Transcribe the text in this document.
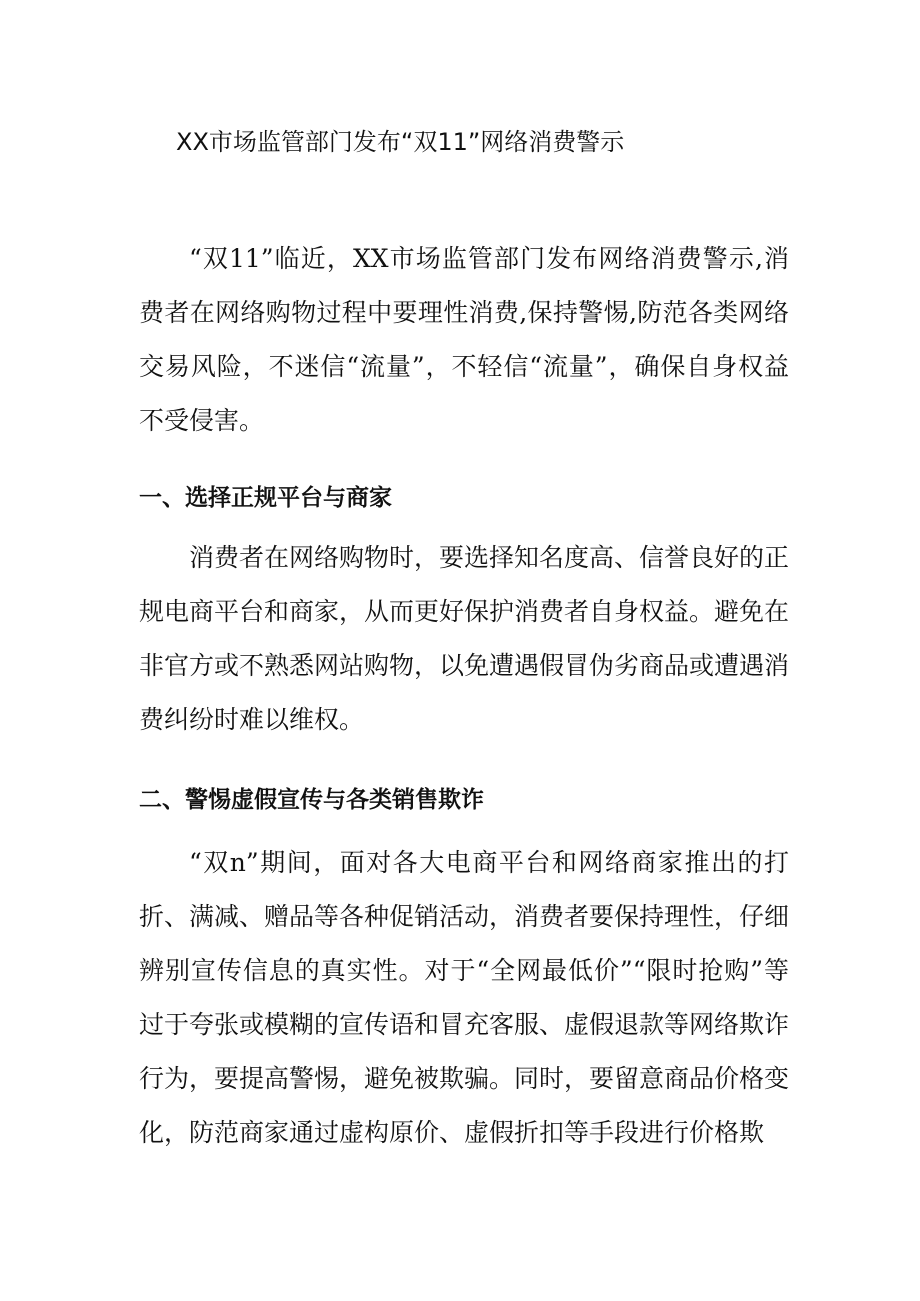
XX市场监管部门发布“双11”网络消费警示

“双11”临近，XX市场监管部门发布网络消费警示,消费者在网络购物过程中要理性消费,保持警惕,防范各类网络交易风险，不迷信“流量”，不轻信“流量”，确保自身权益不受侵害。

一、选择正规平台与商家

消费者在网络购物时，要选择知名度高、信誉良好的正规电商平台和商家，从而更好保护消费者自身权益。避免在非官方或不熟悉网站购物，以免遭遇假冒伪劣商品或遭遇消费纠纷时难以维权。

二、警惕虚假宣传与各类销售欺诈

“双n”期间，面对各大电商平台和网络商家推出的打折、满减、赠品等各种促销活动，消费者要保持理性，仔细辨别宣传信息的真实性。对于“全网最低价”“限时抢购”等过于夸张或模糊的宣传语和冒充客服、虚假退款等网络欺诈行为，要提高警惕，避免被欺骗。同时，要留意商品价格变化，防范商家通过虚构原价、虚假折扣等手段进行价格欺
